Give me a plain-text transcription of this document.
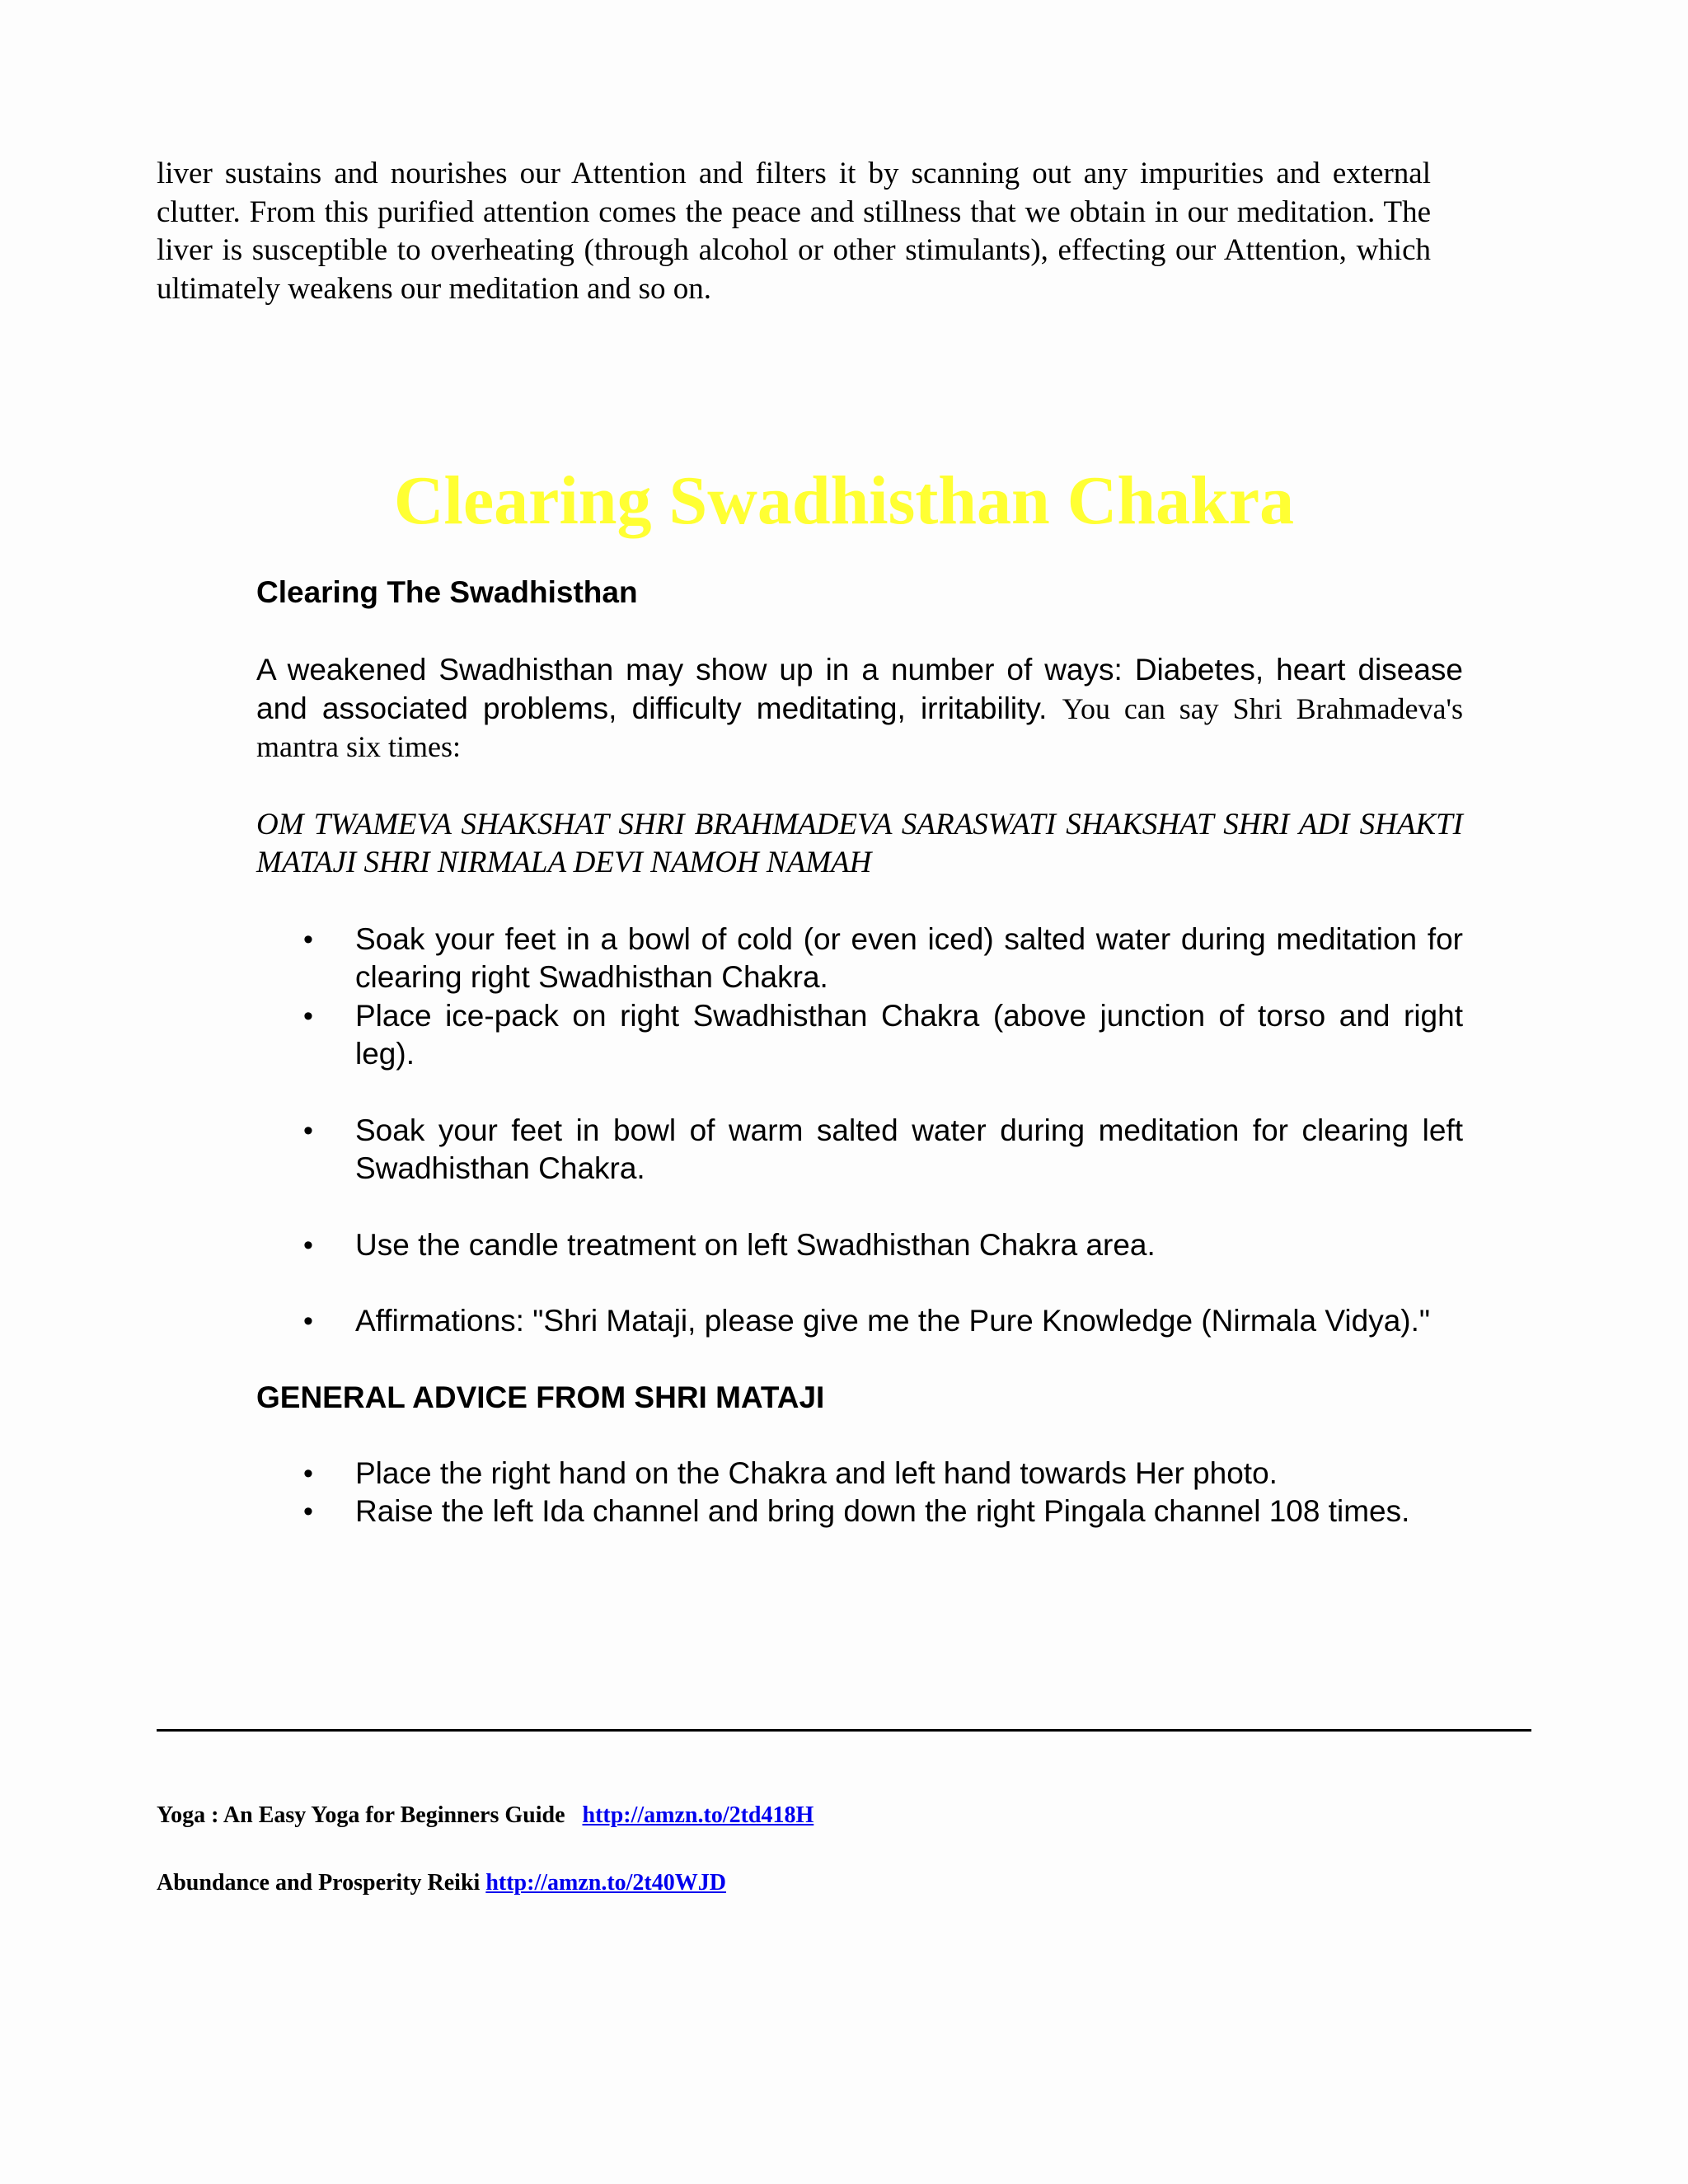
liver sustains and nourishes our Attention and filters it by scanning out any impurities and external clutter. From this purified attention comes the peace and stillness that we obtain in our meditation. The liver is susceptible to overheating (through alcohol or other stimulants), effecting our Attention, which ultimately weakens our meditation and so on.

Clearing Swadhisthan Chakra

Clearing The Swadhisthan

A weakened Swadhisthan may show up in a number of ways: Diabetes, heart disease and associated problems, difficulty meditating, irritability. You can say Shri Brahmadeva's mantra six times:

OM TWAMEVA SHAKSHAT SHRI BRAHMADEVA SARASWATI SHAKSHAT SHRI ADI SHAKTI MATAJI SHRI NIRMALA DEVI NAMOH NAMAH

• Soak your feet in a bowl of cold (or even iced) salted water during meditation for clearing right Swadhisthan Chakra.
• Place ice-pack on right Swadhisthan Chakra (above junction of torso and right leg).
• Soak your feet in bowl of warm salted water during meditation for clearing left Swadhisthan Chakra.
• Use the candle treatment on left Swadhisthan Chakra area.
• Affirmations: "Shri Mataji, please give me the Pure Knowledge (Nirmala Vidya)."

GENERAL ADVICE FROM SHRI MATAJI

• Place the right hand on the Chakra and left hand towards Her photo.
• Raise the left Ida channel and bring down the right Pingala channel 108 times.
Yoga : An Easy Yoga for Beginners Guide   http://amzn.to/2td418H
Abundance and Prosperity Reiki http://amzn.to/2t40WJD
